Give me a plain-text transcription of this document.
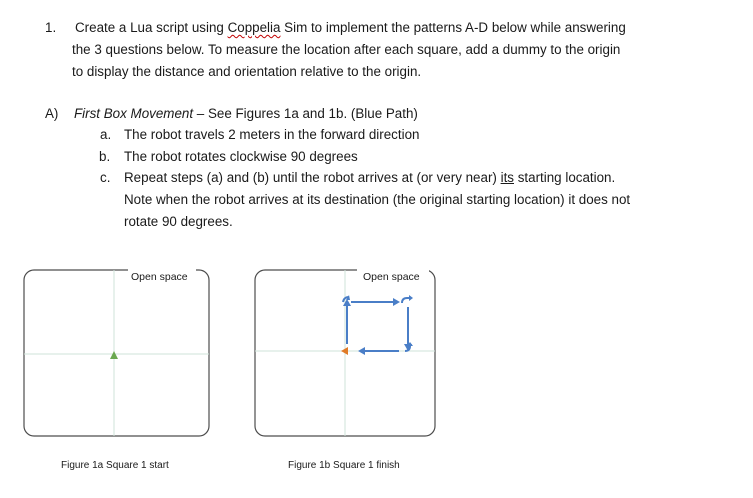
1. Create a Lua script using Coppelia Sim to implement the patterns A-D below while answering
the 3 questions below. To measure the location after each square, add a dummy to the origin
to display the distance and orientation relative to the origin.
A) First Box Movement – See Figures 1a and 1b. (Blue Path)
a. The robot travels 2 meters in the forward direction
b. The robot rotates clockwise 90 degrees
c. Repeat steps (a) and (b) until the robot arrives at (or very near) its starting location.
Note when the robot arrives at its destination (the original starting location) it does not
rotate 90 degrees.
Open space
Figure 1a Square 1 start
Open space
Figure 1b Square 1 finish
